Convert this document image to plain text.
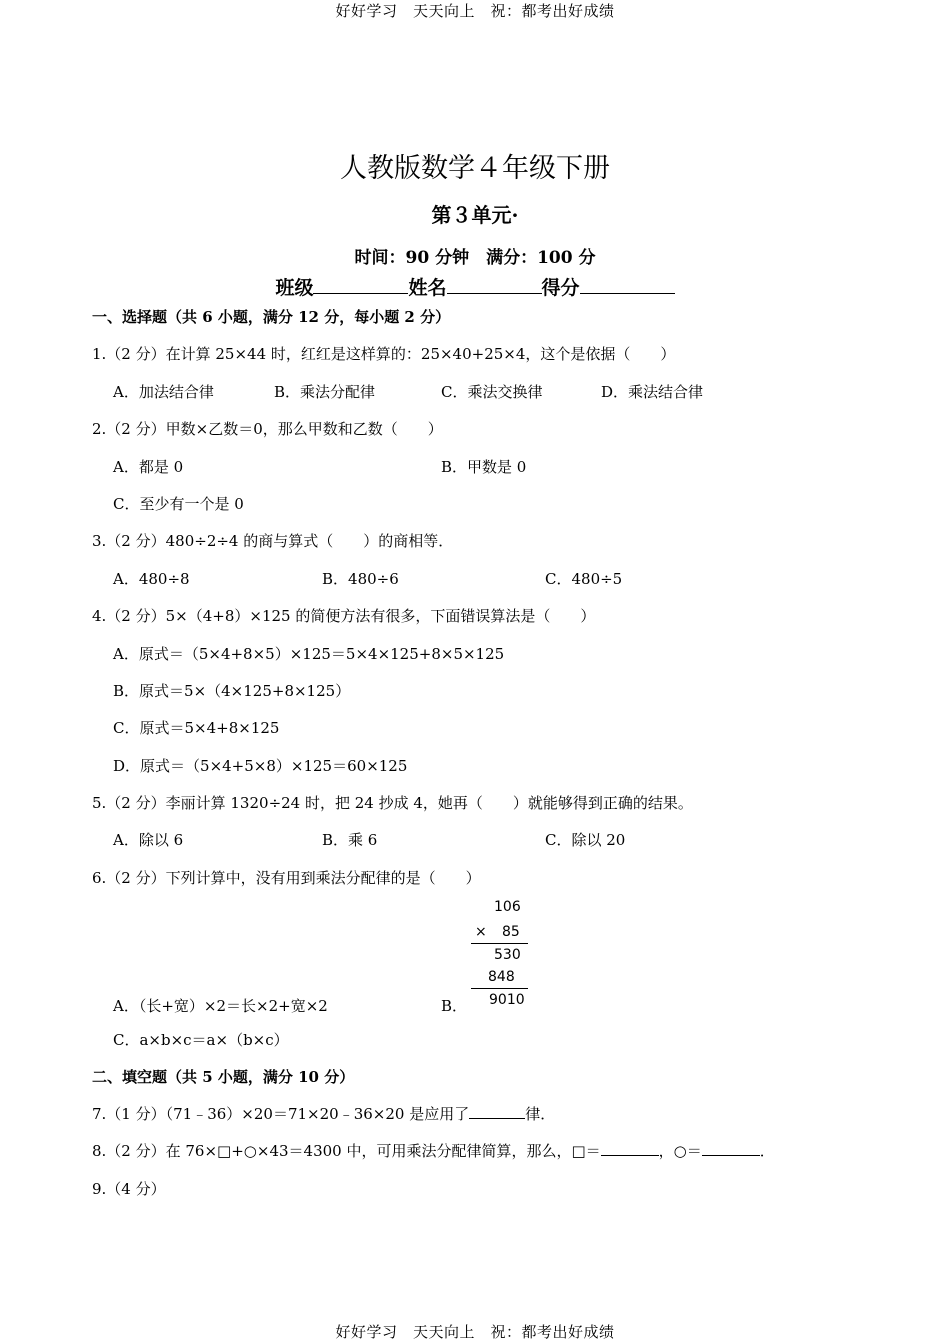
好好学习　天天向上　祝：都考出好成绩
人教版数学４年级下册
第３单元·
时间：90 分钟　满分：100 分
班级	姓名	得分
一、选择题（共 6 小题，满分 12 分，每小题 2 分）
1.（2 分）在计算 25×44 时，红红是这样算的：25×40+25×4，这个是依据（　　）
A．加法结合律	B．乘法分配律	C．乘法交换律	D．乘法结合律
2.（2 分）甲数×乙数＝0，那么甲数和乙数（　　）
A．都是 0	B．甲数是 0
C．至少有一个是 0
3.（2 分）480÷2÷4 的商与算式（　　）的商相等．
A．480÷8	B．480÷6	C．480÷5
4.（2 分）5×（4+8）×125 的简便方法有很多，下面错误算法是（　　）
A．原式＝（5×4+8×5）×125＝5×4×125+8×5×125
B．原式＝5×（4×125+8×125）
C．原式＝5×4+8×125
D．原式＝（5×4+5×8）×125＝60×125
5.（2 分）李丽计算 1320÷24 时，把 24 抄成 4，她再（　　）就能够得到正确的结果。
A．除以 6	B．乘 6	C．除以 20
6.（2 分）下列计算中，没有用到乘法分配律的是（　　）
106
× 85
530
848
9010
A．（长+宽）×2＝长×2+宽×2	B．
C．a×b×c＝a×（b×c）
二、填空题（共 5 小题，满分 10 分）
7.（1 分）（71﹣36）×20＝71×20﹣36×20 是应用了	律．
8.（2 分）在 76×□+○×43＝4300 中，可用乘法分配律简算，那么，□＝	，○＝	．
9.（4 分）
好好学习　天天向上　祝：都考出好成绩
